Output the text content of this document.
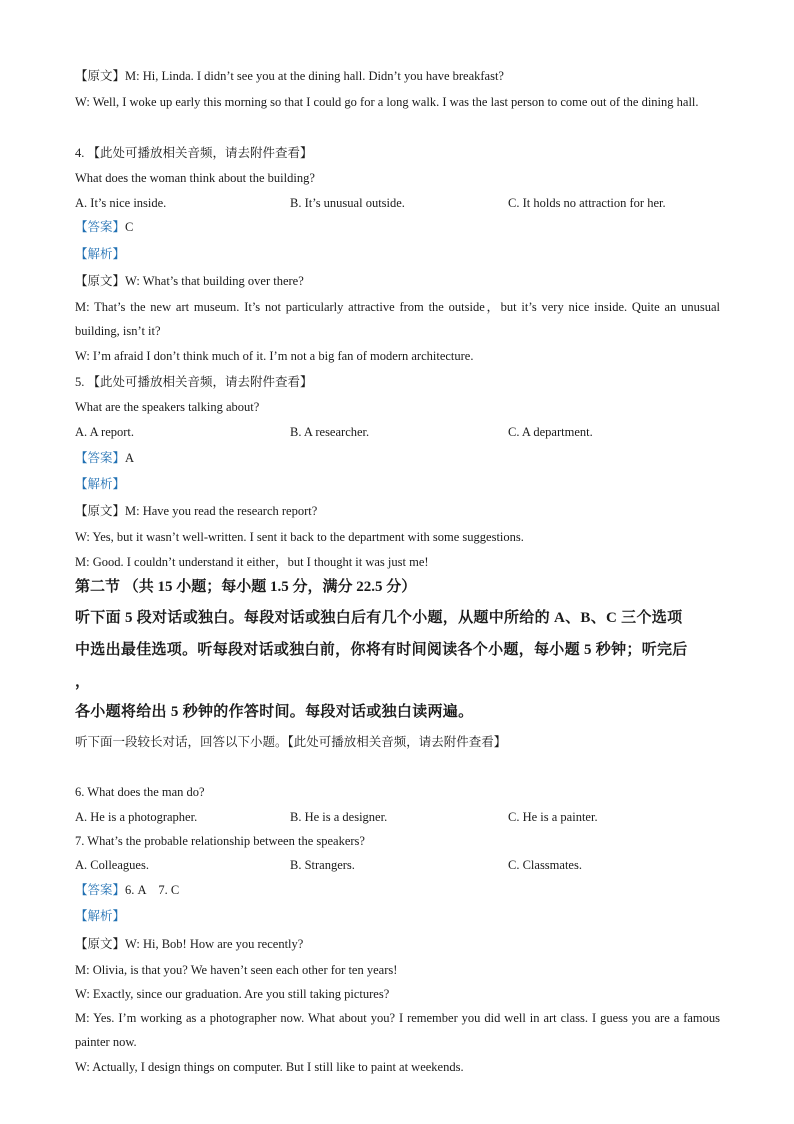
【原文】M: Hi, Linda. I didn’t see you at the dining hall. Didn’t you have breakfast?
W: Well, I woke up early this morning so that I could go for a long walk. I was the last person to come out of the dining hall.
4. 【此处可播放相关音频，请去附件查看】
What does the woman think about the building?
A. It’s nice inside.	B. It’s unusual outside.	C. It holds no attraction for her.
【答案】C
【解析】
【原文】W: What’s that building over there?
M: That’s the new art museum. It’s not particularly attractive from the outside，but it’s very nice inside. Quite an unusual building, isn’t it?
W: I’m afraid I don’t think much of it. I’m not a big fan of modern architecture.
5. 【此处可播放相关音频，请去附件查看】
What are the speakers talking about?
A. A report.	B. A researcher.	C. A department.
【答案】A
【解析】
【原文】M: Have you read the research report?
W: Yes, but it wasn’t well-written. I sent it back to the department with some suggestions.
M: Good. I couldn’t understand it either，but I thought it was just me!
第二节 （共 15 小题；每小题 1.5 分，满分 22.5 分）
听下面 5 段对话或独白。每段对话或独白后有几个小题，从题中所给的 A、B、C 三个选项
中选出最佳选项。听每段对话或独白前，你将有时间阅读各个小题，每小题 5 秒钟；听完后
，
各小题将给出 5 秒钟的作答时间。每段对话或独白读两遍。
听下面一段较长对话，回答以下小题。【此处可播放相关音频，请去附件查看】
6. What does the man do?
A. He is a photographer.	B. He is a designer.	C. He is a painter.
7. What’s the probable relationship between the speakers?
A. Colleagues.	B. Strangers.	C. Classmates.
【答案】6. A    7. C
【解析】
【原文】W: Hi, Bob! How are you recently?
M: Olivia, is that you? We haven’t seen each other for ten years!
W: Exactly, since our graduation. Are you still taking pictures?
M: Yes. I’m working as a photographer now. What about you? I remember you did well in art class. I guess you are a famous painter now.
W: Actually, I design things on computer. But I still like to paint at weekends.
